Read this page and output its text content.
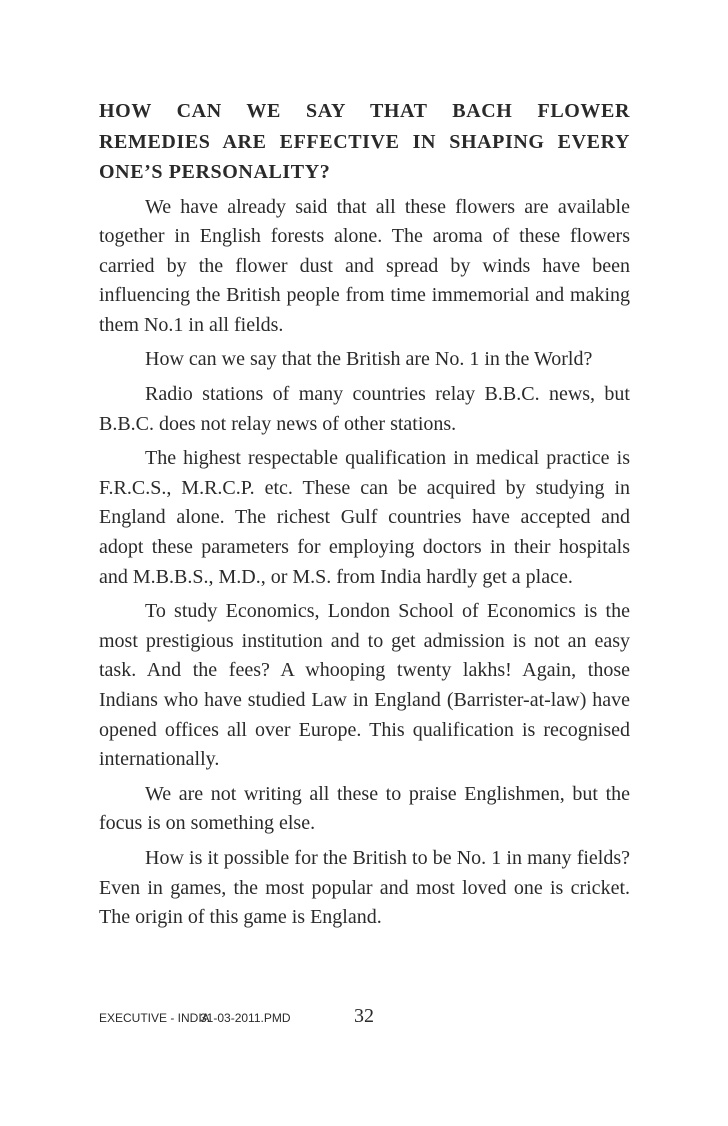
HOW CAN WE SAY THAT BACH FLOWER REMEDIES ARE EFFECTIVE IN SHAPING EVERY ONE’S PERSONALITY?

We have already said that all these flowers are available together in English forests alone. The aroma of these flowers carried by the flower dust and spread by winds have been influencing the British people from time immemorial and making them No.1 in all fields.

How can we say that the British are No. 1 in the World?

Radio stations of many countries relay B.B.C. news, but B.B.C. does not relay news of other stations.

The highest respectable qualification in medical practice is F.R.C.S., M.R.C.P. etc. These can be acquired by studying in England alone. The richest Gulf countries have accepted and adopt these parameters for employing doctors in their hospitals and M.B.B.S., M.D., or M.S. from India hardly get a place.

To study Economics, London School of Economics is the most prestigious institution and to get admission is not an easy task. And the fees? A whooping twenty lakhs! Again, those Indians who have studied Law in England (Barrister-at-law) have opened offices all over Europe. This qualification is recognised internationally.

We are not writing all these to praise Englishmen, but the focus is on something else.

How is it possible for the British to be No. 1 in many fields? Even in games, the most popular and most loved one is cricket. The origin of this game is England.

EXECUTIVE - INDIA
31-03-2011.PMD	32
